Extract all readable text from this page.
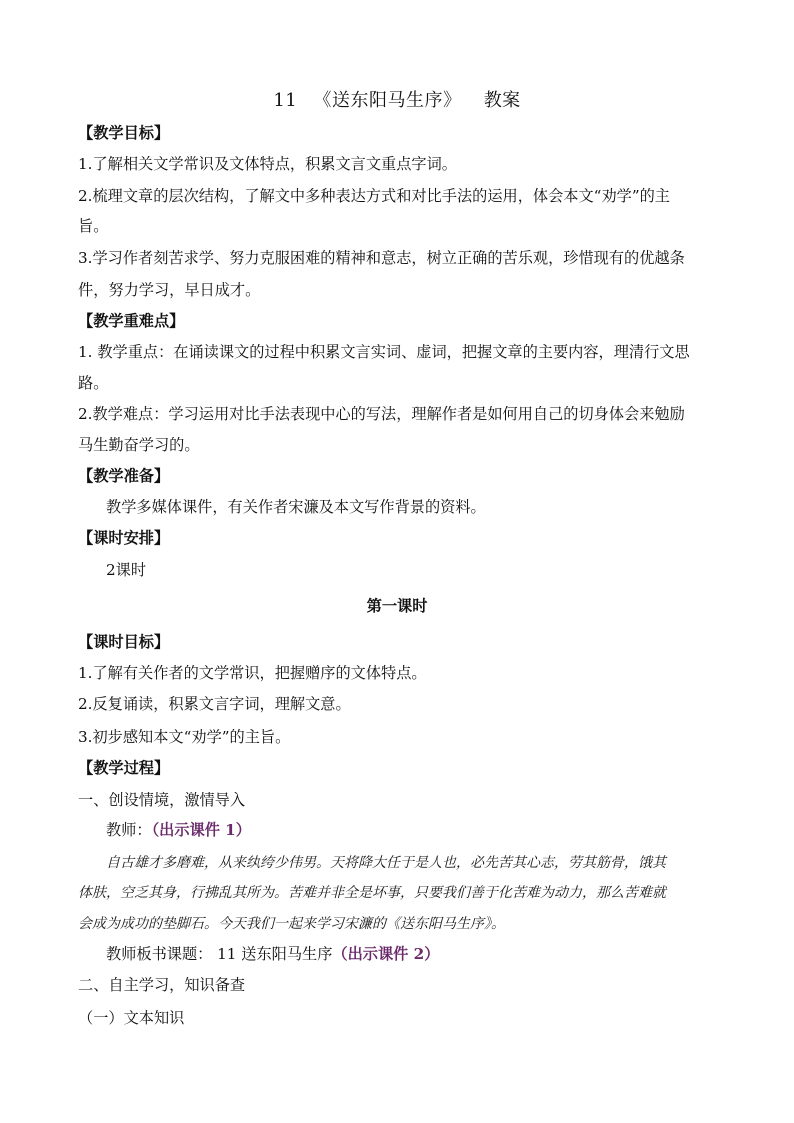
11 《送东阳马生序》 教案
【教学目标】
1.了解相关文学常识及文体特点，积累文言文重点字词。
2.梳理文章的层次结构，了解文中多种表达方式和对比手法的运用，体会本文“劝学”的主
旨。
3.学习作者刻苦求学、努力克服困难的精神和意志，树立正确的苦乐观，珍惜现有的优越条
件，努力学习，早日成才。
【教学重难点】
1. 教学重点：在诵读课文的过程中积累文言实词、虚词，把握文章的主要内容，理清行文思
路。
2.教学难点：学习运用对比手法表现中心的写法，理解作者是如何用自己的切身体会来勉励
马生勤奋学习的。
【教学准备】
教学多媒体课件，有关作者宋濂及本文写作背景的资料。
【课时安排】
2课时
第一课时
【课时目标】
1.了解有关作者的文学常识，把握赠序的文体特点。
2.反复诵读，积累文言字词，理解文意。
3.初步感知本文“劝学”的主旨。
【教学过程】
一、创设情境，激情导入
教师：（出示课件 1）
自古雄才多磨难，从来纨绔少伟男。天将降大任于是人也，必先苦其心志，劳其筋骨，饿其
体肤，空乏其身，行拂乱其所为。苦难并非全是坏事，只要我们善于化苦难为动力，那么苦难就
会成为成功的垫脚石。今天我们一起来学习宋濂的《送东阳马生序》。
教师板书课题： 11 送东阳马生序（出示课件 2）
二、自主学习，知识备查
（一）文本知识
